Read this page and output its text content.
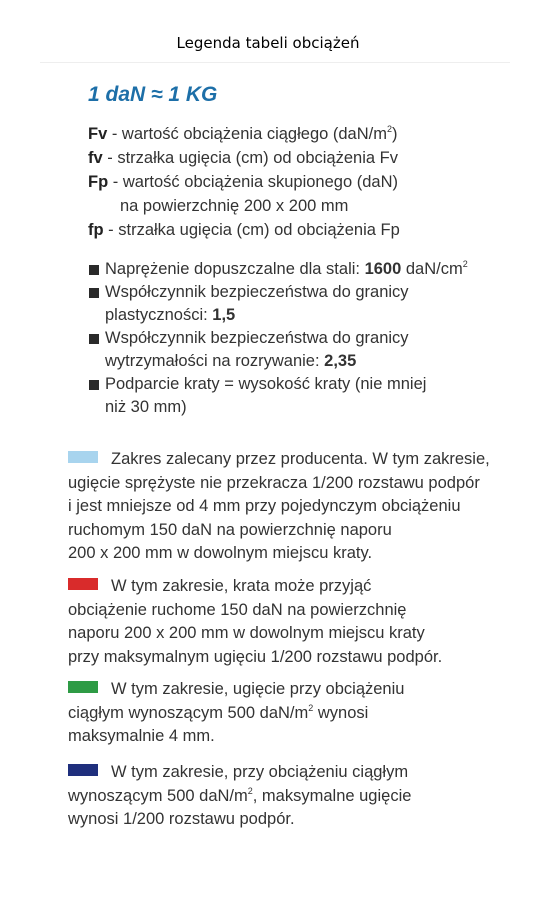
Legenda tabeli obciążeń
1 daN ≈ 1 KG
Fv - wartość obciążenia ciągłego $(daN/m^2)$
fv - strzałka ugięcia (cm) od obciążenia Fv
Fp - wartość obciążenia skupionego (daN)
na powierzchnię 200 x 200 mm
fp - strzałka ugięcia (cm) od obciążenia Fp
Naprężenie dopuszczalne dla stali: 1600 daN/$cm^2$
Współczynnik bezpieczeństwa do granicy
plastyczności: 1,5
Współczynnik bezpieczeństwa do granicy
wytrzymałości na rozrywanie: 2,35
Podparcie kraty = wysokość kraty (nie mniej
niż 30 mm)
Zakres zalecany przez producenta. W tym zakresie,
ugięcie sprężyste nie przekracza 1/200 rozstawu podpór
i jest mniejsze od 4 mm przy pojedynczym obciążeniu
ruchomym 150 daN na powierzchnię naporu
200 x 200 mm w dowolnym miejscu kraty.
W tym zakresie, krata może przyjąć
obciążenie ruchome 150 daN na powierzchnię
naporu 200 x 200 mm w dowolnym miejscu kraty
przy maksymalnym ugięciu 1/200 rozstawu podpór.
W tym zakresie, ugięcie przy obciążeniu
ciągłym wynoszącym 500 daN/$m^2$ wynosi
maksymalnie 4 mm.
W tym zakresie, przy obciążeniu ciągłym
wynoszącym 500 daN/$m^2$, maksymalne ugięcie
wynosi 1/200 rozstawu podpór.
